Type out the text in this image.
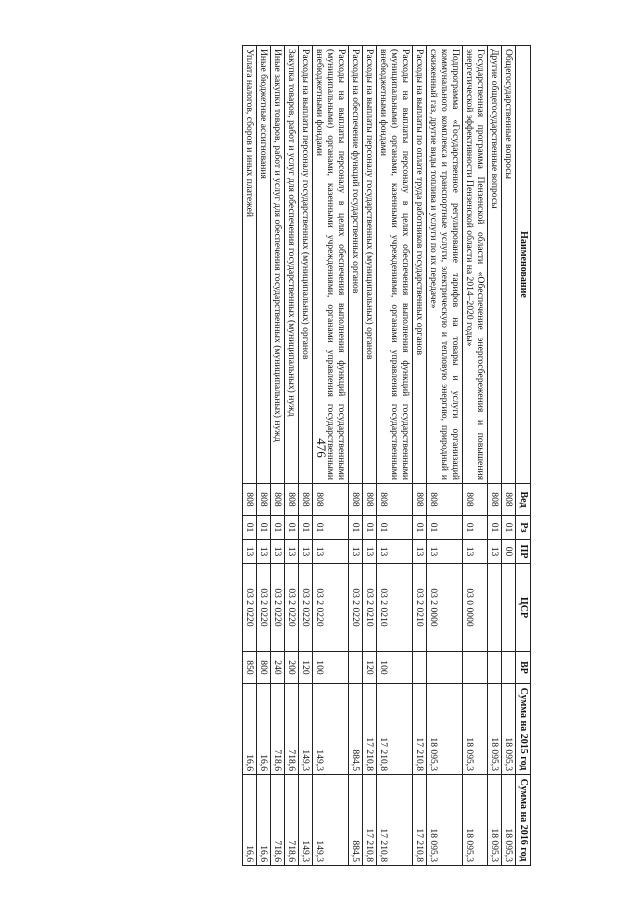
476
Наименование	Вед	Рз	ПР	ЦСР	ВР	Сумма на 2015 год	Сумма на 2016 год
Общегосударственные вопросы	808	01	00			18 095,3	18 095,3
Другие общегосударственные вопросы	808	01	13			18 095,3	18 095,3
Государственная программа Пензенской области «Обеспечение энергосбережения и повышения энергетической эффективности Пензенской области на 2014–2020 годы»	808	01	13	03 0 0000		18 095,3	18 095,3
Подпрограмма «Государственное регулирование тарифов на товары и услуги организаций коммунального комплекса и транспортные услуги, электрическую и тепловую энергию, природный и сжиженный газ, другие виды топлива и услуги по их передаче»	808	01	13	03 2 0000		18 095,3	18 095,3
Расходы на выплаты по оплате труда работников государственных органов	808	01	13	03 2 0210		17 210,8	17 210,8
Расходы на выплаты персоналу в целях обеспечения выполнения функций государственными (муниципальными) органами, казенными учреждениями, органами управления государственными внебюджетными фондами	808	01	13	03 2 0210	100	17 210,8	17 210,8
Расходы на выплаты персоналу государственных (муниципальных) органов	808	01	13	03 2 0210	120	17 210,8	17 210,8
Расходы на обеспечение функций государственных органов	808	01	13	03 2 0220		884,5	884,5
Расходы на выплаты персоналу в целях обеспечения выполнения функций государственными (муниципальными) органами, казенными учреждениями, органами управления государственными внебюджетными фондами	808	01	13	03 2 0220	100	149,3	149,3
Расходы на выплаты персоналу государственных (муниципальных) органов	808	01	13	03 2 0220	120	149,3	149,3
Закупка товаров, работ и услуг для обеспечения государственных (муниципальных) нужд	808	01	13	03 2 0220	200	718,6	718,6
Иные закупки товаров, работ и услуг для обеспечения государственных (муниципальных) нужд	808	01	13	03 2 0220	240	718,6	718,6
Иные бюджетные ассигнования	808	01	13	03 2 0220	800	16,6	16,6
Уплата налогов, сборов и иных платежей	808	01	13	03 2 0220	850	16,6	16,6
